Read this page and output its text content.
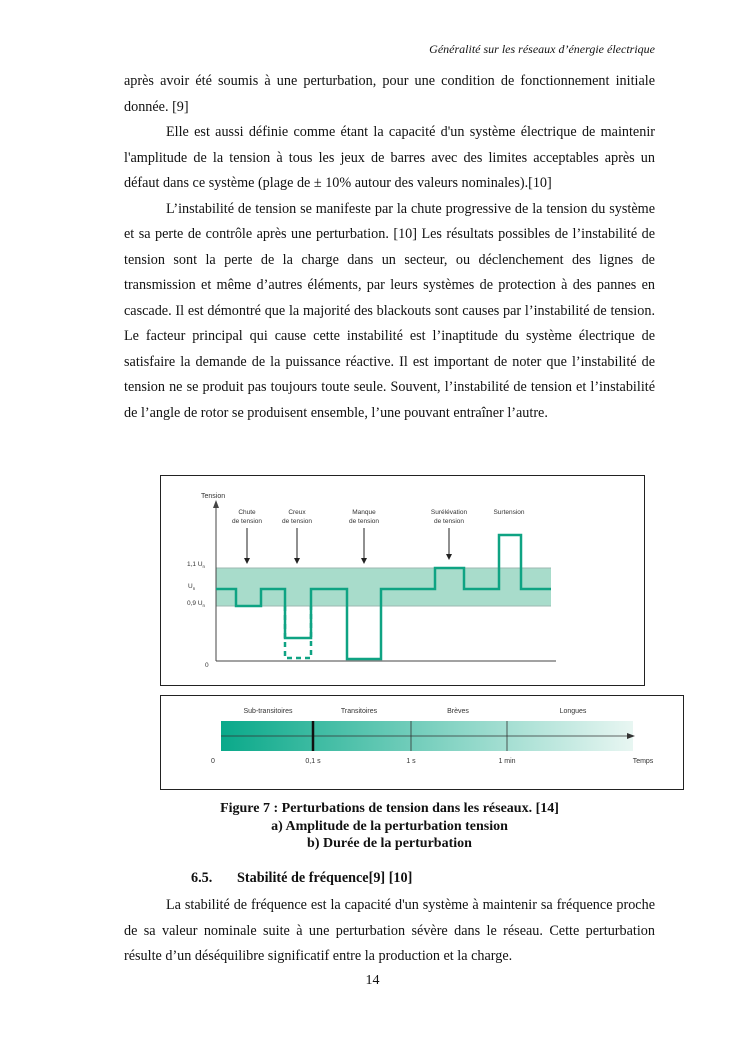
Généralité sur les réseaux d’énergie électrique

après avoir été soumis à une perturbation, pour une condition de fonctionnement initiale donnée. [9]

Elle est aussi définie comme étant la capacité d'un système électrique de maintenir l'amplitude de la tension à tous les jeux de barres avec des limites acceptables après un défaut dans ce système (plage de ± 10% autour des valeurs nominales).[10]

L’instabilité de tension se manifeste par la chute progressive de la tension du système et sa perte de contrôle après une perturbation. [10] Les résultats possibles de l’instabilité de tension sont la perte de la charge dans un secteur, ou déclenchement des lignes de transmission et même d’autres éléments, par leurs systèmes de protection à des pannes en cascade. Il est démontré que la majorité des blackouts sont causes par l’instabilité de tension. Le facteur principal qui cause cette instabilité est l’inaptitude du système électrique de satisfaire la demande de la puissance réactive. Il est important de noter que l’instabilité de tension ne se produit pas toujours toute seule. Souvent, l’instabilité de tension et l’instabilité de l’angle de rotor se produisent ensemble, l’une pouvant entraîner l’autre.

Tension
1,1 $U_n$
$U_n$
0,9 $U_n$
0
Chute
de tension
Creux
de tension
Manque
de tension
Surélévation
de tension
Surtension
Sub-transitoires	Transitoires	Brèves	Longues
0	0,1 s	1 s	1 min	Temps
Figure 7 : Perturbations de tension dans les réseaux. [14]
a) Amplitude de la perturbation tension
b) Durée de la perturbation
6.5. Stabilité de fréquence[9] [10]

La stabilité de fréquence est la capacité d'un système à maintenir sa fréquence proche de sa valeur nominale suite à une perturbation sévère dans le réseau. Cette perturbation résulte d’un déséquilibre significatif entre la production et la charge.

14
